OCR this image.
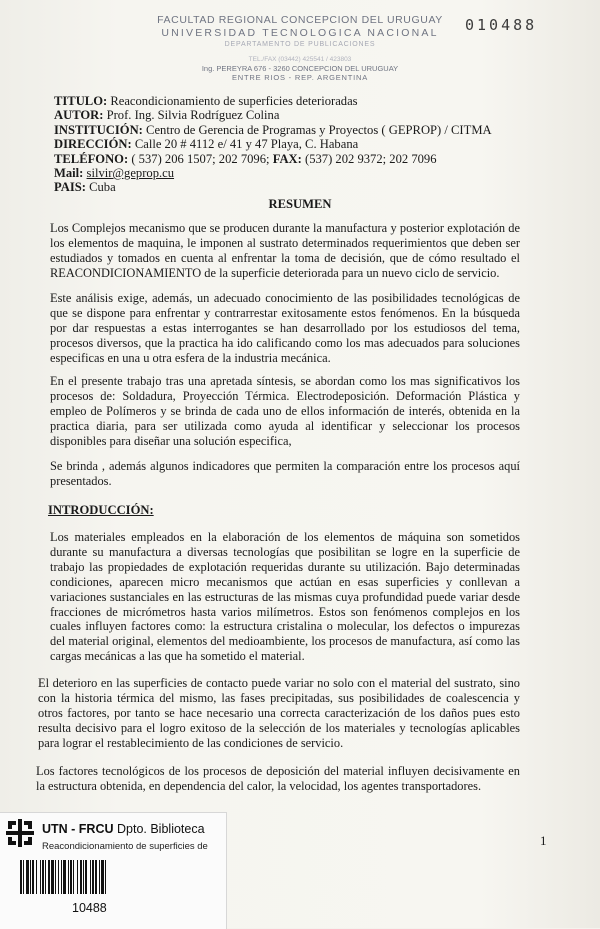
FACULTAD REGIONAL CONCEPCION DEL URUGUAY
UNIVERSIDAD TECNOLOGICA NACIONAL
DEPARTAMENTO DE PUBLICACIONES
TEL./FAX (03442) 425541 / 423803
Ing. PEREYRA 676 - 3260 CONCEPCION DEL URUGUAY
ENTRE RIOS - REP. ARGENTINA
010488
TITULO: Reacondicionamiento de superficies deterioradas
AUTOR: Prof. Ing. Silvia Rodríguez Colina
INSTITUCIÓN: Centro de Gerencia de Programas y Proyectos ( GEPROP) / CITMA
DIRECCIÓN: Calle 20 # 4112 e/ 41 y 47 Playa, C. Habana
TELÉFONO: ( 537) 206 1507; 202 7096; FAX: (537) 202 9372; 202 7096
Mail: silvir@geprop.cu
PAIS: Cuba
RESUMEN
Los Complejos mecanismo que se producen durante la manufactura y posterior explotación de los elementos de maquina, le imponen al sustrato determinados requerimientos que deben ser estudiados y tomados en cuenta al enfrentar la toma de decisión, que de cómo resultado el REACONDICIONAMIENTO de la superficie deteriorada para un nuevo ciclo de servicio.
Este análisis exige, además, un adecuado conocimiento de las posibilidades tecnológicas de que se dispone para enfrentar y contrarrestar exitosamente estos fenómenos. En la búsqueda por dar respuestas a estas interrogantes se han desarrollado por los estudiosos del tema, procesos diversos, que la practica ha ido calificando como los mas adecuados para soluciones especificas en una u otra esfera de la industria mecánica.
En el presente trabajo tras una apretada síntesis, se abordan como los mas significativos los procesos de: Soldadura, Proyección Térmica. Electrodeposición. Deformación Plástica y empleo de Polímeros y se brinda de cada uno de ellos información de interés, obtenida en la practica diaria, para ser utilizada como ayuda al identificar y seleccionar los procesos disponibles para diseñar una solución especifica,
Se brinda , además algunos indicadores que permiten la comparación entre los procesos aquí presentados.
INTRODUCCIÓN:
Los materiales empleados en la elaboración de los elementos de máquina son sometidos durante su manufactura a diversas tecnologías que posibilitan se logre en la superficie de trabajo las propiedades de explotación requeridas durante su utilización. Bajo determinadas condiciones, aparecen micro mecanismos que actúan en esas superficies y conllevan a variaciones sustanciales en las estructuras de las mismas cuya profundidad puede variar desde fracciones de micrómetros hasta varios milímetros. Estos son fenómenos complejos en los cuales influyen factores como: la estructura cristalina o molecular, los defectos o impurezas del material original, elementos del medioambiente, los procesos de manufactura, así como las cargas mecánicas a las que ha sometido el material.
El deterioro en las superficies de contacto puede variar no solo con el material del sustrato, sino con la historia térmica del mismo, las fases precipitadas, sus posibilidades de coalescencia y otros factores, por tanto se hace necesario una correcta caracterización de los daños pues esto resulta decisivo para el logro exitoso de la selección de los materiales y tecnologías aplicables para lograr el restablecimiento de las condiciones de servicio.
Los factores tecnológicos de los procesos de deposición del material influyen decisivamente en la estructura obtenida, en dependencia del calor, la velocidad, los agentes transportadores.
1
UTN - FRCU Dpto. Biblioteca
Reacondicionamiento de superficies de
10488
